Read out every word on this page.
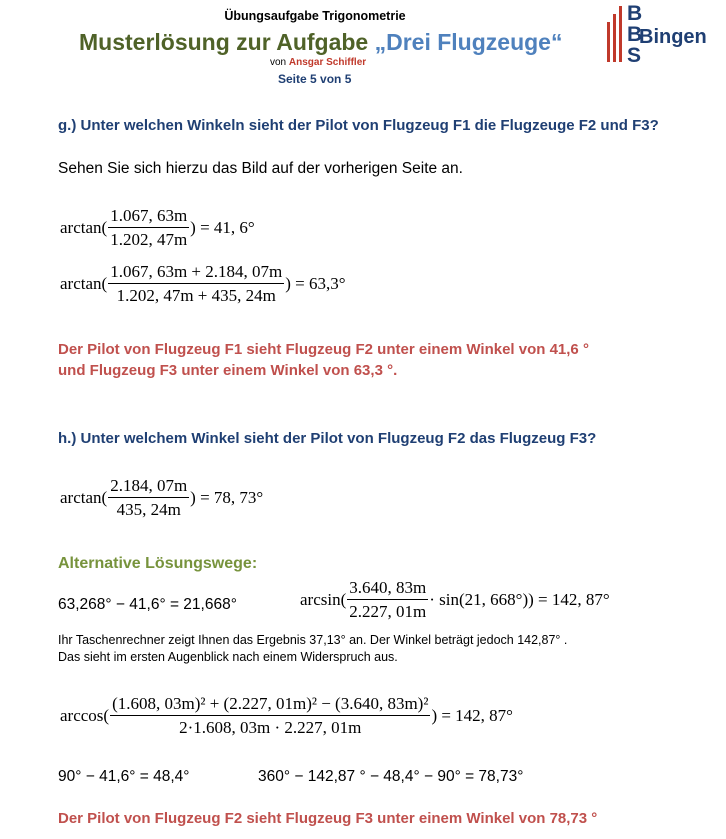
Übungsaufgabe Trigonometrie
Musterlösung zur Aufgabe „Drei Flugzeuge“
von Ansgar Schiffler
Seite 5 von 5
B
B
S
Bingen
g.) Unter welchen Winkeln sieht der Pilot von Flugzeug F1 die Flugzeuge F2 und F3?
Sehen Sie sich hierzu das Bild auf der vorherigen Seite an.
$\arctan( \frac{1.067, 63m}{1.202, 47m}$ ) = 41, 6°
$\arctan( \frac{1.067, 63m + 2.184, 07m}{1.202, 47m + 435, 24m}$ ) = 63,3°
Der Pilot von Flugzeug F1 sieht Flugzeug F2 unter einem Winkel von 41,6 °
und Flugzeug F3 unter einem Winkel von 63,3 °.
h.) Unter welchem Winkel sieht der Pilot von Flugzeug F2 das Flugzeug F3?
$\arctan( \frac{2.184, 07m}{435, 24m}$ ) = 78, 73°
Alternative Lösungswege:
63,268° − 41,6° = 21,668°	$\arcsin( \frac{3.640, 83m}{2.227, 01m} \cdot \sin(21$, 668°)) = 142, 87°
Ihr Taschenrechner zeigt Ihnen das Ergebnis 37,13° an. Der Winkel beträgt jedoch 142,87° .
Das sieht im ersten Augenblick nach einem Widerspruch aus.
$\arccos( \frac{\text{(1.608, 03m)² + (2.227, 01m)² − (3.640, 83m)²}}{2\cdot 1.608, 03m \cdot 2.227, 01m}$ ) = 142, 87°
90° − 41,6° = 48,4°	360° − 142,87 ° − 48,4° − 90° = 78,73°
Der Pilot von Flugzeug F2 sieht Flugzeug F3 unter einem Winkel von 78,73 °
